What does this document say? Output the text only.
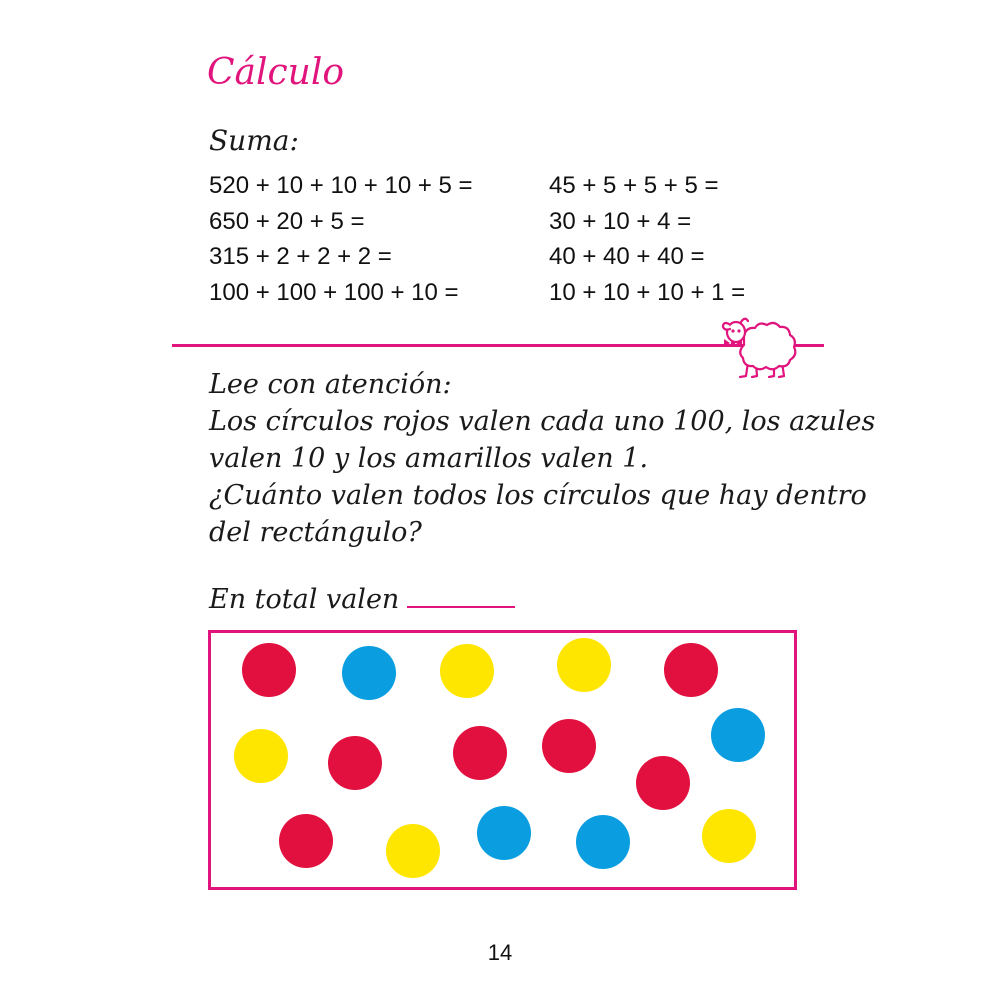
Cálculo
Suma:
520 + 10 + 10 + 10 + 5 =
650 + 20 + 5 =
315 + 2 + 2 + 2 =
100 + 100 + 100 + 10 =
45 + 5 + 5 + 5 =
30 + 10 + 4 =
40 + 40 + 40 =
10 + 10 + 10 + 1 =
Lee con atención:
Los círculos rojos valen cada uno 100, los azules
valen 10 y los amarillos valen 1.
¿Cuánto valen todos los círculos que hay dentro
del rectángulo?
En total valen
14
